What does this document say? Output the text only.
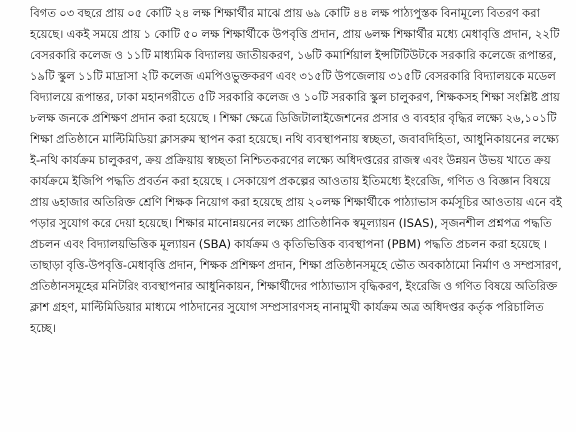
বিগত ০৩ বছরে প্রায় ০৫ কোটি ২৪ লক্ষ শিক্ষার্থীর মাঝে প্রায় ৬৯ কোটি ৪৪ লক্ষ পাঠ্যপুস্তক বিনামূল্যে বিতরণ করা
হয়েছে। একই সময়ে প্রায় ১ কোটি ৫০ লক্ষ শিক্ষার্থীকে উপবৃত্তি প্রদান, প্রায় ৬লক্ষ শিক্ষার্থীর মধ্যে মেধাবৃত্তি প্রদান, ২২টি
বেসরকারি কলেজ ও ১১টি মাধ্যমিক বিদ্যালয় জাতীয়করণ, ১৬টি কমার্শিয়াল ইন্সটিটিউটকে সরকারি কলেজে রূপান্তর,
১৯টি স্কুল ১১টি মাদ্রাসা ২টি কলেজ এমপিওভুক্তকরণ এবং ৩১৫টি উপজেলায় ৩১৫টি বেসরকারি বিদ্যালয়কে মডেল
বিদ্যালয়ে রূপান্তর, ঢাকা মহানগরীতে ৫টি সরকারি কলেজ ও ১০টি সরকারি স্কুল চালুকরণ, শিক্ষকসহ শিক্ষা সংশ্লিষ্ট প্রায়
৮লক্ষ জনকে প্রশিক্ষণ প্রদান করা হয়েছে । শিক্ষা ক্ষেত্রে ডিজিটালাইজেশনের প্রসার ও ব্যবহার বৃদ্ধির লক্ষ্যে ২৬,১০১টি
শিক্ষা প্রতিষ্ঠানে মাল্টিমিডিয়া ক্লাসরুম স্থাপন করা হয়েছে। নথি ব্যবস্থাপনায় স্বচ্ছতা, জবাবদিহিতা, আধুনিকায়নের লক্ষ্যে
ই-নথি কার্যক্রম চালুকরণ, ক্রয় প্রক্রিয়ায় স্বচ্ছতা নিশ্চিতকরণের লক্ষ্যে অধিদপ্তরের রাজস্ব এবং উন্নয়ন উভয় খাতে ক্রয়
কার্যক্রমে ইজিপি পদ্ধতি প্রবর্তন করা হয়েছে । সেকায়েপ প্রকল্পের আওতায় ইতিমধ্যে ইংরেজি, গণিত ও বিজ্ঞান বিষয়ে
প্রায় ৬হাজার অতিরিক্ত শ্রেণি শিক্ষক নিয়োগ করা হয়েছে প্রায় ২০লক্ষ শিক্ষার্থীকে পাঠ্যাভাস কর্মসূচির আওতায় এনে বই
পড়ার সুযোগ করে দেয়া হয়েছে। শিক্ষার মানোন্নয়নের লক্ষ্যে প্রাতিষ্ঠানিক স্বমূল্যায়ন (ISAS), সৃজনশীল প্রশ্নপত্র পদ্ধতি
প্রচলন এবং বিদ্যালয়ভিত্তিক মূল্যায়ন (SBA) কার্যক্রম ও কৃতিভিত্তিক ব্যবস্থাপনা (PBM) পদ্ধতি প্রচলন করা হয়েছে ।
তাছাড়া বৃত্তি-উপবৃত্তি-মেধাবৃত্তি প্রদান, শিক্ষক প্রশিক্ষণ প্রদান, শিক্ষা প্রতিষ্ঠানসমূহে ভৌত অবকাঠামো নির্মাণ ও সম্প্রসারণ,
প্রতিষ্ঠানসমূহের মনিটরিং ব্যবস্থাপনার আধুনিকায়ন, শিক্ষার্থীদের পাঠ্যাভ্যাস বৃদ্ধিকরণ, ইংরেজি ও গণিত বিষয়ে অতিরিক্ত
ক্লাশ গ্রহণ, মাল্টিমিডিয়ার মাধ্যমে পাঠদানের সুযোগ সম্প্রসারণসহ নানামুখী কার্যক্রম অত্র অধিদপ্তর কর্তৃক পরিচালিত
হচ্ছে।
